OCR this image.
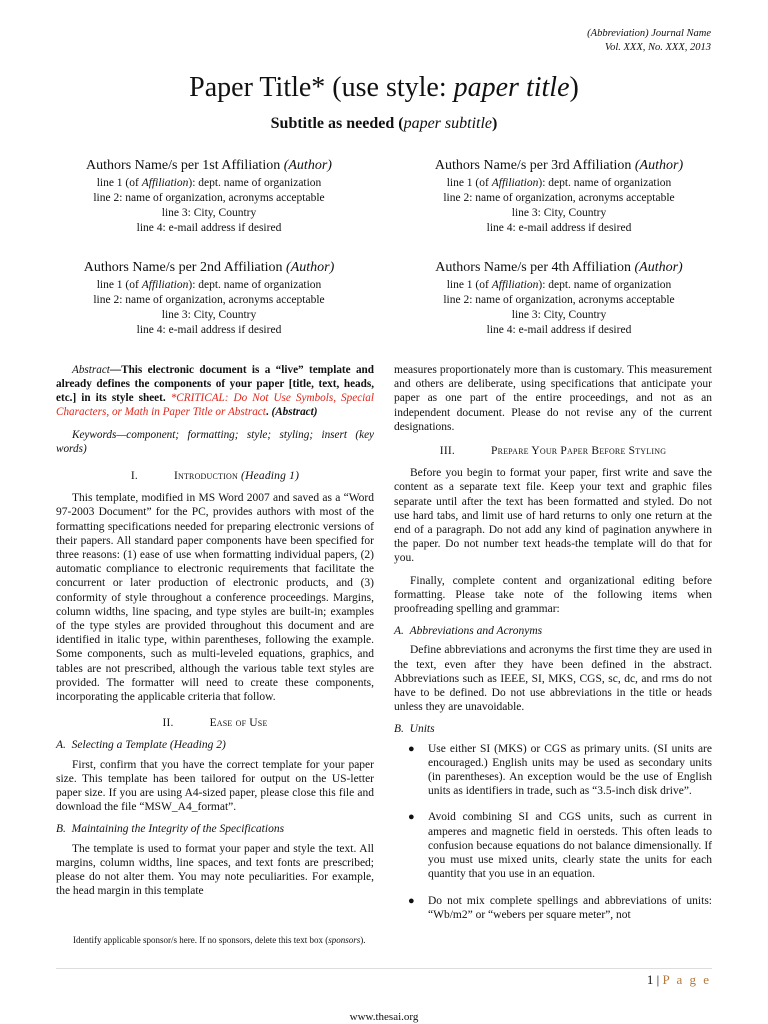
(Abbreviation) Journal Name
Vol. XXX, No. XXX, 2013
Paper Title* (use style: paper title)
Subtitle as needed (paper subtitle)
Authors Name/s per 1st Affiliation (Author)
line 1 (of Affiliation): dept. name of organization
line 2: name of organization, acronyms acceptable
line 3: City, Country
line 4: e-mail address if desired
Authors Name/s per 3rd Affiliation (Author)
line 1 (of Affiliation): dept. name of organization
line 2: name of organization, acronyms acceptable
line 3: City, Country
line 4: e-mail address if desired
Authors Name/s per 2nd Affiliation (Author)
line 1 (of Affiliation): dept. name of organization
line 2: name of organization, acronyms acceptable
line 3: City, Country
line 4: e-mail address if desired
Authors Name/s per 4th Affiliation (Author)
line 1 (of Affiliation): dept. name of organization
line 2: name of organization, acronyms acceptable
line 3: City, Country
line 4: e-mail address if desired
Abstract—This electronic document is a “live” template and already defines the components of your paper [title, text, heads, etc.] in its style sheet. *CRITICAL: Do Not Use Symbols, Special Characters, or Math in Paper Title or Abstract. (Abstract)
Keywords—component; formatting; style; styling; insert (key words)
I.	Introduction (Heading 1)

This template, modified in MS Word 2007 and saved as a “Word 97-2003 Document” for the PC, provides authors with most of the formatting specifications needed for preparing electronic versions of their papers. All standard paper components have been specified for three reasons: (1) ease of use when formatting individual papers, (2) automatic compliance to electronic requirements that facilitate the concurrent or later production of electronic products, and (3) conformity of style throughout a conference proceedings. Margins, column widths, line spacing, and type styles are built-in; examples of the type styles are provided throughout this document and are identified in italic type, within parentheses, following the example. Some components, such as multi-leveled equations, graphics, and tables are not prescribed, although the various table text styles are provided. The formatter will need to create these components, incorporating the applicable criteria that follow.

II.	Ease of Use
A. Selecting a Template (Heading 2)

First, confirm that you have the correct template for your paper size. This template has been tailored for output on the US-letter paper size. If you are using A4-sized paper, please close this file and download the file “MSW_A4_format”.

B. Maintaining the Integrity of the Specifications

The template is used to format your paper and style the text. All margins, column widths, line spaces, and text fonts are prescribed; please do not alter them. You may note peculiarities. For example, the head margin in this template

measures proportionately more than is customary. This measurement and others are deliberate, using specifications that anticipate your paper as one part of the entire proceedings, and not as an independent document. Please do not revise any of the current designations.

III.	Prepare Your Paper Before Styling

Before you begin to format your paper, first write and save the content as a separate text file. Keep your text and graphic files separate until after the text has been formatted and styled. Do not use hard tabs, and limit use of hard returns to only one return at the end of a paragraph. Do not add any kind of pagination anywhere in the paper. Do not number text heads-the template will do that for you.

Finally, complete content and organizational editing before formatting. Please take note of the following items when proofreading spelling and grammar:

A. Abbreviations and Acronyms

Define abbreviations and acronyms the first time they are used in the text, even after they have been defined in the abstract. Abbreviations such as IEEE, SI, MKS, CGS, sc, dc, and rms do not have to be defined. Do not use abbreviations in the title or heads unless they are unavoidable.

B. Units
● Use either SI (MKS) or CGS as primary units. (SI units are encouraged.) English units may be used as secondary units (in parentheses). An exception would be the use of English units as identifiers in trade, such as “3.5-inch disk drive”.
● Avoid combining SI and CGS units, such as current in amperes and magnetic field in oersteds. This often leads to confusion because equations do not balance dimensionally. If you must use mixed units, clearly state the units for each quantity that you use in an equation.
● Do not mix complete spellings and abbreviations of units: “Wb/m2” or “webers per square meter”, not
Identify applicable sponsor/s here. If no sponsors, delete this text box (sponsors).
1 | P a g e
www.thesai.org
